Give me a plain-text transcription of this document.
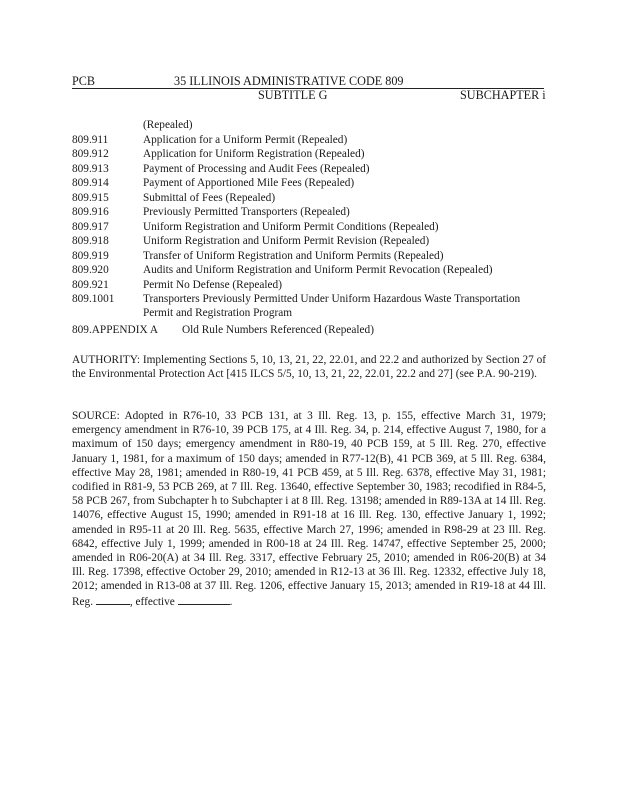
PCB	35 ILLINOIS ADMINISTRATIVE CODE 809
SUBTITLE G	SUBCHAPTER i
(Repealed)
809.911	Application for a Uniform Permit (Repealed)
809.912	Application for Uniform Registration (Repealed)
809.913	Payment of Processing and Audit Fees (Repealed)
809.914	Payment of Apportioned Mile Fees (Repealed)
809.915	Submittal of Fees (Repealed)
809.916	Previously Permitted Transporters (Repealed)
809.917	Uniform Registration and Uniform Permit Conditions (Repealed)
809.918	Uniform Registration and Uniform Permit Revision (Repealed)
809.919	Transfer of Uniform Registration and Uniform Permits (Repealed)
809.920	Audits and Uniform Registration and Uniform Permit Revocation (Repealed)
809.921	Permit No Defense (Repealed)
809.1001	Transporters Previously Permitted Under Uniform Hazardous Waste Transportation Permit and Registration Program
809.APPENDIX A Old Rule Numbers Referenced (Repealed)

AUTHORITY: Implementing Sections 5, 10, 13, 21, 22, 22.01, and 22.2 and authorized by Section 27 of the Environmental Protection Act [415 ILCS 5/5, 10, 13, 21, 22, 22.01, 22.2 and 27] (see P.A. 90-219).

SOURCE: Adopted in R76-10, 33 PCB 131, at 3 Ill. Reg. 13, p. 155, effective March 31, 1979; emergency amendment in R76-10, 39 PCB 175, at 4 Ill. Reg. 34, p. 214, effective August 7, 1980, for a maximum of 150 days; emergency amendment in R80-19, 40 PCB 159, at 5 Ill. Reg. 270, effective January 1, 1981, for a maximum of 150 days; amended in R77-12(B), 41 PCB 369, at 5 Ill. Reg. 6384, effective May 28, 1981; amended in R80-19, 41 PCB 459, at 5 Ill. Reg. 6378, effective May 31, 1981; codified in R81-9, 53 PCB 269, at 7 Ill. Reg. 13640, effective September 30, 1983; recodified in R84-5, 58 PCB 267, from Subchapter h to Subchapter i at 8 Ill. Reg. 13198; amended in R89-13A at 14 Ill. Reg. 14076, effective August 15, 1990; amended in R91-18 at 16 Ill. Reg. 130, effective January 1, 1992; amended in R95-11 at 20 Ill. Reg. 5635, effective March 27, 1996; amended in R98-29 at 23 Ill. Reg. 6842, effective July 1, 1999; amended in R00-18 at 24 Ill. Reg. 14747, effective September 25, 2000; amended in R06-20(A) at 34 Ill. Reg. 3317, effective February 25, 2010; amended in R06-20(B) at 34 Ill. Reg. 17398, effective October 29, 2010; amended in R12-13 at 36 Ill. Reg. 12332, effective July 18, 2012; amended in R13-08 at 37 Ill. Reg. 1206, effective January 15, 2013; amended in R19-18 at 44 Ill. Reg.	, effective	.
